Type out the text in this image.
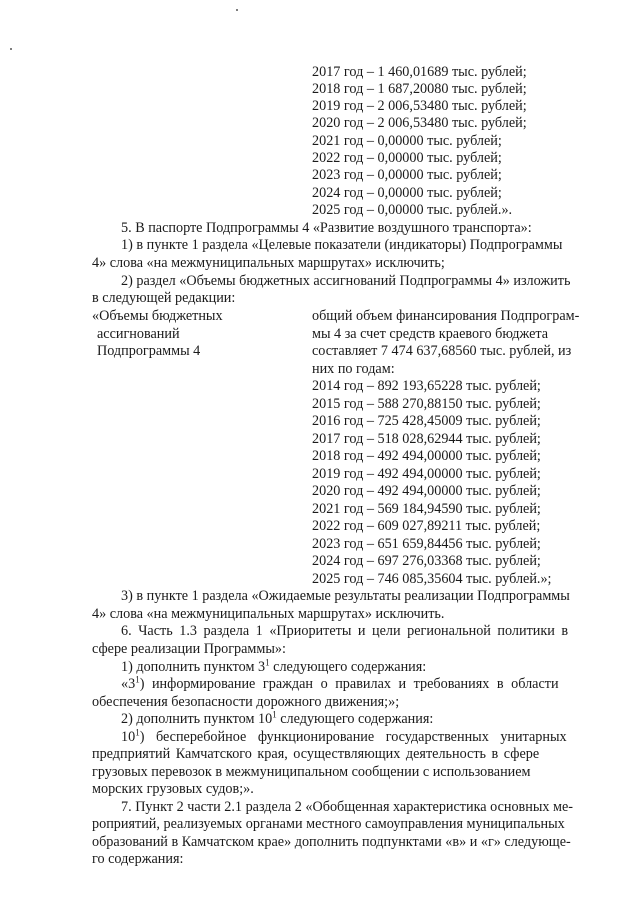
2017 год – 1 460,01689 тыс. рублей;
2018 год – 1 687,20080 тыс. рублей;
2019 год – 2 006,53480 тыс. рублей;
2020 год – 2 006,53480 тыс. рублей;
2021 год – 0,00000 тыс. рублей;
2022 год – 0,00000 тыс. рублей;
2023 год – 0,00000 тыс. рублей;
2024 год – 0,00000 тыс. рублей;
2025 год – 0,00000 тыс. рублей.».
5. В паспорте Подпрограммы 4 «Развитие воздушного транспорта»:
1) в пункте 1 раздела «Целевые показатели (индикаторы) Подпрограммы
4» слова «на межмуниципальных маршрутах» исключить;
2) раздел «Объемы бюджетных ассигнований Подпрограммы 4» изложить
в следующей редакции:
«Объемы бюджетных
ассигнований
Подпрограммы 4
общий объем финансирования Подпрограм-
мы 4 за счет средств краевого бюджета
составляет 7 474 637,68560 тыс. рублей, из
них по годам:
2014 год – 892 193,65228 тыс. рублей;
2015 год – 588 270,88150 тыс. рублей;
2016 год – 725 428,45009 тыс. рублей;
2017 год – 518 028,62944 тыс. рублей;
2018 год – 492 494,00000 тыс. рублей;
2019 год – 492 494,00000 тыс. рублей;
2020 год – 492 494,00000 тыс. рублей;
2021 год – 569 184,94590 тыс. рублей;
2022 год – 609 027,89211 тыс. рублей;
2023 год – 651 659,84456 тыс. рублей;
2024 год – 697 276,03368 тыс. рублей;
2025 год – 746 085,35604 тыс. рублей.»;
3) в пункте 1 раздела «Ожидаемые результаты реализации Подпрограммы
4» слова «на межмуниципальных маршрутах» исключить.
6. Часть 1.3 раздела 1 «Приоритеты и цели региональной политики в
сфере реализации Программы»:
1) дополнить пунктом $3^1$ следующего содержания:
«$3^1$) информирование граждан о правилах и требованиях в области
обеспечения безопасности дорожного движения;»;
2) дополнить пунктом $10^1$ следующего содержания:
$10^1$) бесперебойное функционирование государственных унитарных
предприятий Камчатского края, осуществляющих деятельность в сфере
грузовых перевозок в межмуниципальном сообщении с использованием
морских грузовых судов;».
7. Пункт 2 части 2.1 раздела 2 «Обобщенная характеристика основных ме-
роприятий, реализуемых органами местного самоуправления муниципальных
образований в Камчатском крае» дополнить подпунктами «в» и «г» следующе-
го содержания:
